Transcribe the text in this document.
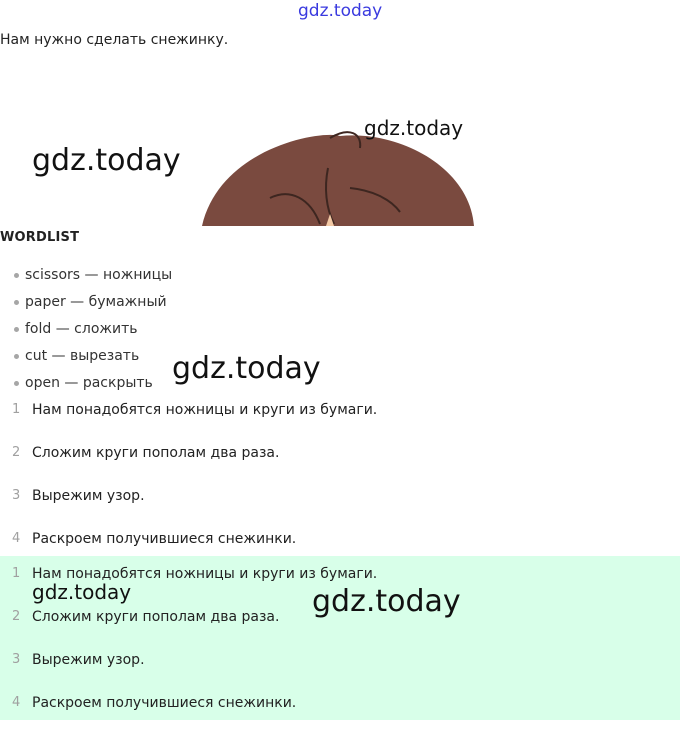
gdz.today
Нам нужно сделать снежинку.
gdz.today
gdz.today
WORDLIST
scissors — ножницы
paper — бумажный
fold — сложить
cut — вырезать
open — раскрыть gdz.today
1 Нам понадобятся ножницы и круги из бумаги.
2 Сложим круги пополам два раза.
3 Вырежим узор.
4 Раскроем получившиеся снежинки.
1 Нам понадобятся ножницы и круги из бумаги.
2 Сложим круги пополам два раза.
3 Вырежим узор.
4 Раскроем получившиеся снежинки.
gdz.today	gdz.today
